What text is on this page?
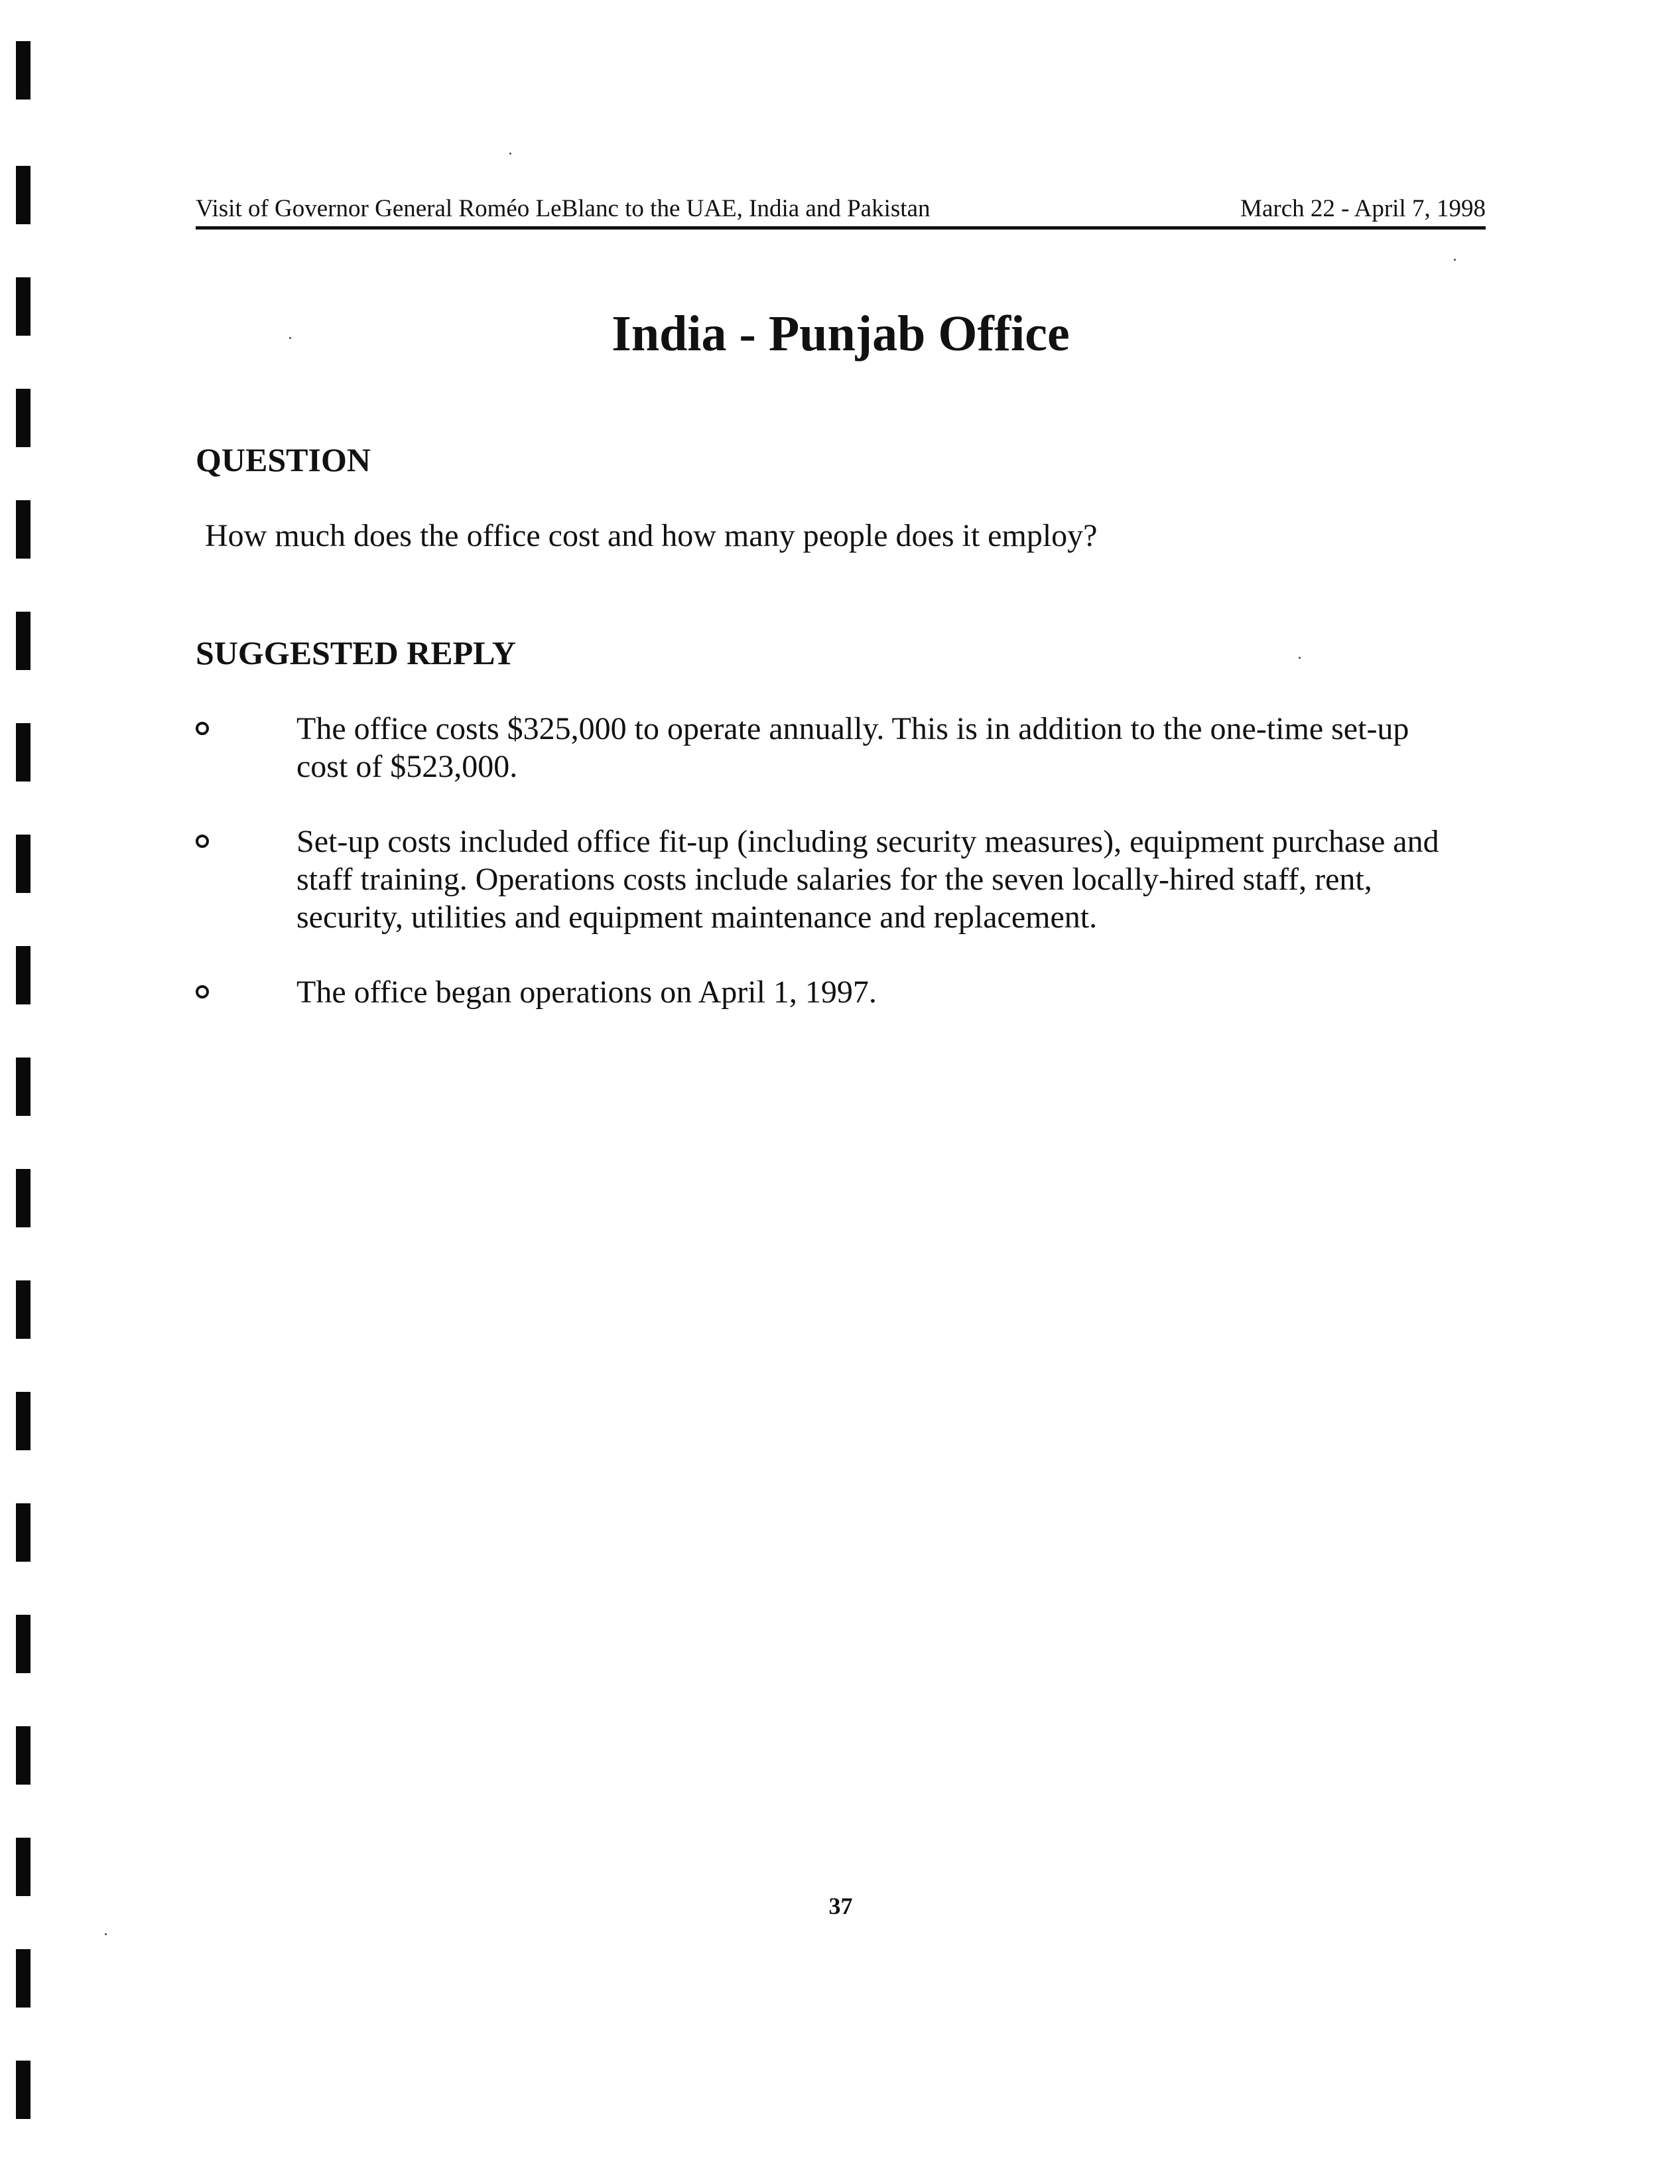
Visit of Governor General Roméo LeBlanc to the UAE, India and Pakistan	March 22 - April 7, 1998
India - Punjab Office
QUESTION

How much does the office cost and how many people does it employ?

SUGGESTED REPLY
The office costs $325,000 to operate annually. This is in addition to the one-time set-up cost of $523,000.
Set-up costs included office fit-up (including security measures), equipment purchase and staff training. Operations costs include salaries for the seven locally-hired staff, rent, security, utilities and equipment maintenance and replacement.
The office began operations on April 1, 1997.

37
